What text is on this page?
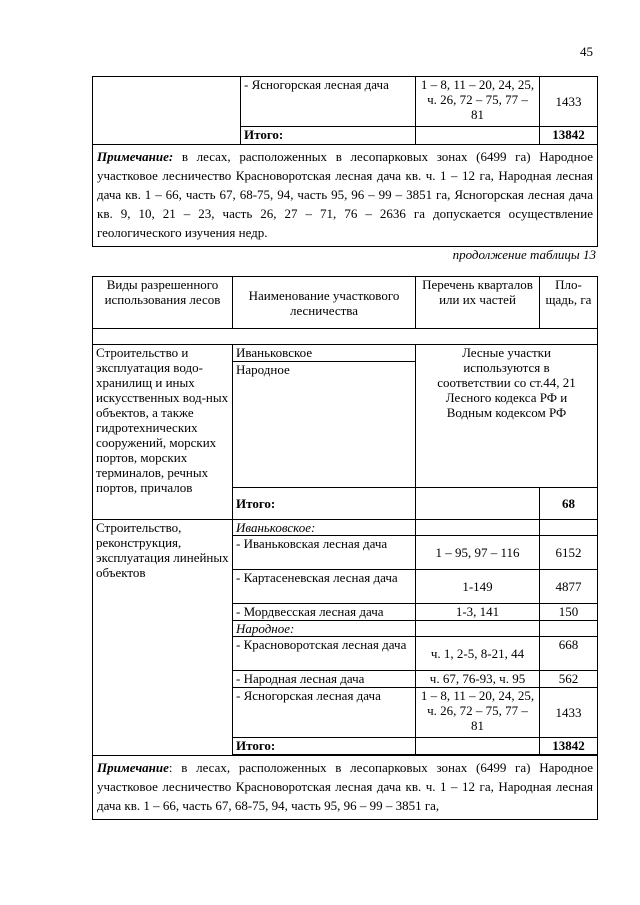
45
	- Ясногорская лесная дача	1 – 8, 11 – 20, 24, 25, ч. 26, 72 – 75, 77 – 81	1433
	Итого:		13842
Примечание: в лесах, расположенных в лесопарковых зонах (6499 га) Народное участковое лесничество Красноворотская лесная дача кв. ч. 1 – 12 га, Народная лесная дача кв. 1 – 66, часть 67, 68-75, 94, часть 95, 96 – 99 – 3851 га, Ясногорская лесная дача кв. 9, 10, 21 – 23, часть 26, 27 – 71, 76 – 2636 га допускается осуществление геологического изучения недр.			
продолжение таблицы 13
Виды разрешенного использования лесов	Наименование участкового лесничества	Перечень кварталов или их частей	Пло-щадь, га

Строительство и эксплуатация водо-хранилищ и иных искусственных вод-ных объектов, а также гидротехнических сооружений, морских портов, морских терминалов, речных портов, причалов	Иваньковское	Лесные участки используются в соответствии со ст.44, 21 Лесного кодекса РФ и Водным кодексом РФ	
	Народное		
	Итого:		68
Строительство, реконструкция, эксплуатация линейных объектов	Иваньковское:		
	- Иваньковская лесная дача	1 – 95, 97 – 116	6152
	- Картасеневская лесная дача	1-149	4877
	- Мордвесская лесная дача	1-3, 141	150
	Народное:		
	- Красноворотская лесная дача	ч. 1, 2-5, 8-21, 44	668
	- Народная лесная дача	ч. 67, 76-93, ч. 95	562
	- Ясногорская лесная дача	1 – 8, 11 – 20, 24, 25, ч. 26, 72 – 75, 77 – 81	1433
	Итого:		13842

Примечание: в лесах, расположенных в лесопарковых зонах (6499 га) Народное участковое лесничество Красноворотская лесная дача кв. ч. 1 – 12 га, Народная лесная дача кв. 1 – 66, часть 67, 68-75, 94, часть 95, 96 – 99 – 3851 га,			
